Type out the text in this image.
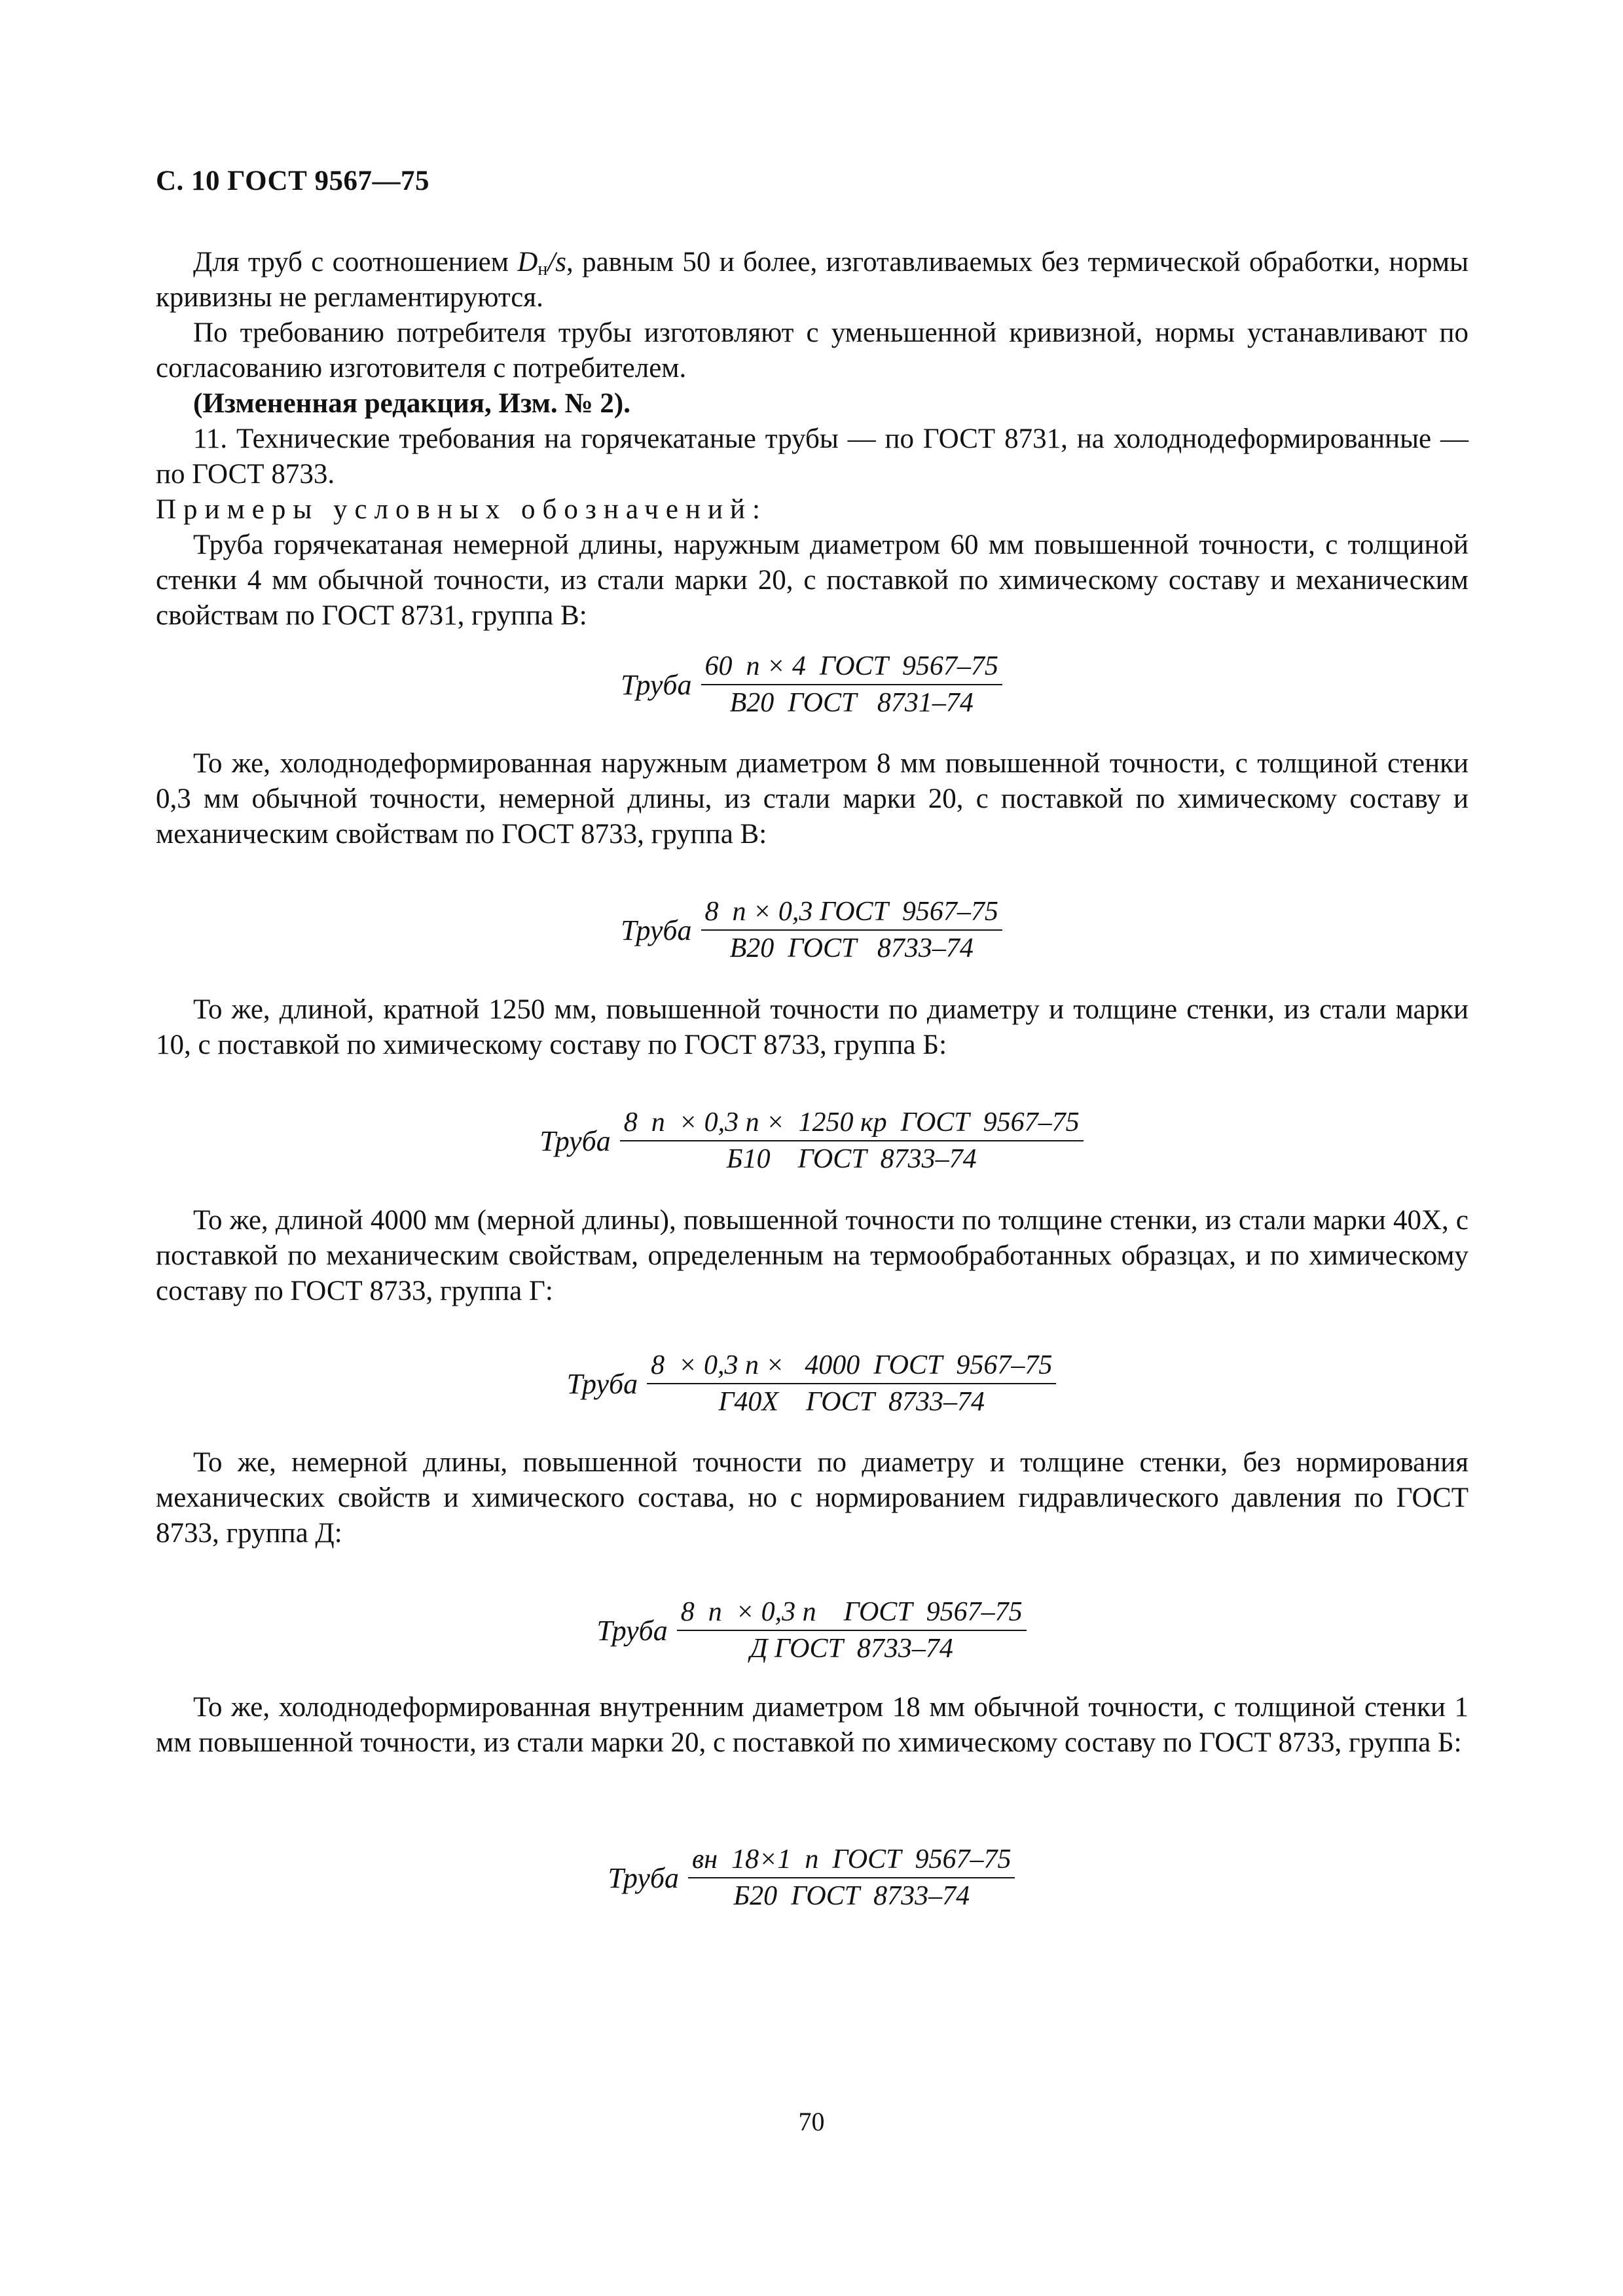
С. 10 ГОСТ 9567—75

Для труб с соотношением $D_н/s$, равным 50 и более, изготавливаемых без термической обработки, нормы кривизны не регламентируются.

По требованию потребителя трубы изготовляют с уменьшенной кривизной, нормы устанавливают по согласованию изготовителя с потребителем.

(Измененная редакция, Изм. № 2).

11. Технические требования на горячекатаные трубы — по ГОСТ 8731, на холоднодеформированные — по ГОСТ 8733.

Примеры условных обозначений:

Труба горячекатаная немерной длины, наружным диаметром 60 мм повышенной точности, с толщиной стенки 4 мм обычной точности, из стали марки 20, с поставкой по химическому составу и механическим свойствам по ГОСТ 8731, группа В:

Труба $\frac{\text{60  п × 4  ГОСТ  9567–75}}{\text{В20  ГОСТ   8731–74}}$

То же, холоднодеформированная наружным диаметром 8 мм повышенной точности, с толщиной стенки 0,3 мм обычной точности, немерной длины, из стали марки 20, с поставкой по химическому составу и механическим свойствам по ГОСТ 8733, группа В:

Труба $\frac{\text{8  п × 0,3 ГОСТ  9567–75}}{\text{В20  ГОСТ   8733–74}}$

То же, длиной, кратной 1250 мм, повышенной точности по диаметру и толщине стенки, из стали марки 10, с поставкой по химическому составу по ГОСТ 8733, группа Б:

Труба $\frac{\text{8  п  × 0,3 п ×  1250 кр  ГОСТ  9567–75}}{\text{Б10    ГОСТ  8733–74}}$

То же, длиной 4000 мм (мерной длины), повышенной точности по толщине стенки, из стали марки 40Х, с поставкой по механическим свойствам, определенным на термообработанных образцах, и по химическому составу по ГОСТ 8733, группа Г:

Труба $\frac{\text{8  × 0,3 п ×   4000  ГОСТ  9567–75}}{\text{Г40Х    ГОСТ  8733–74}}$

То же, немерной длины, повышенной точности по диаметру и толщине стенки, без нормирования механических свойств и химического состава, но с нормированием гидравлического давления по ГОСТ 8733, группа Д:

Труба $\frac{\text{8  п  × 0,3 п    ГОСТ  9567–75}}{\text{Д ГОСТ  8733–74}}$

То же, холоднодеформированная внутренним диаметром 18 мм обычной точности, с толщиной стенки 1 мм повышенной точности, из стали марки 20, с поставкой по химическому составу по ГОСТ 8733, группа Б:

Труба $\frac{\text{вн  18×1  п  ГОСТ  9567–75}}{\text{Б20  ГОСТ  8733–74}}$
70
